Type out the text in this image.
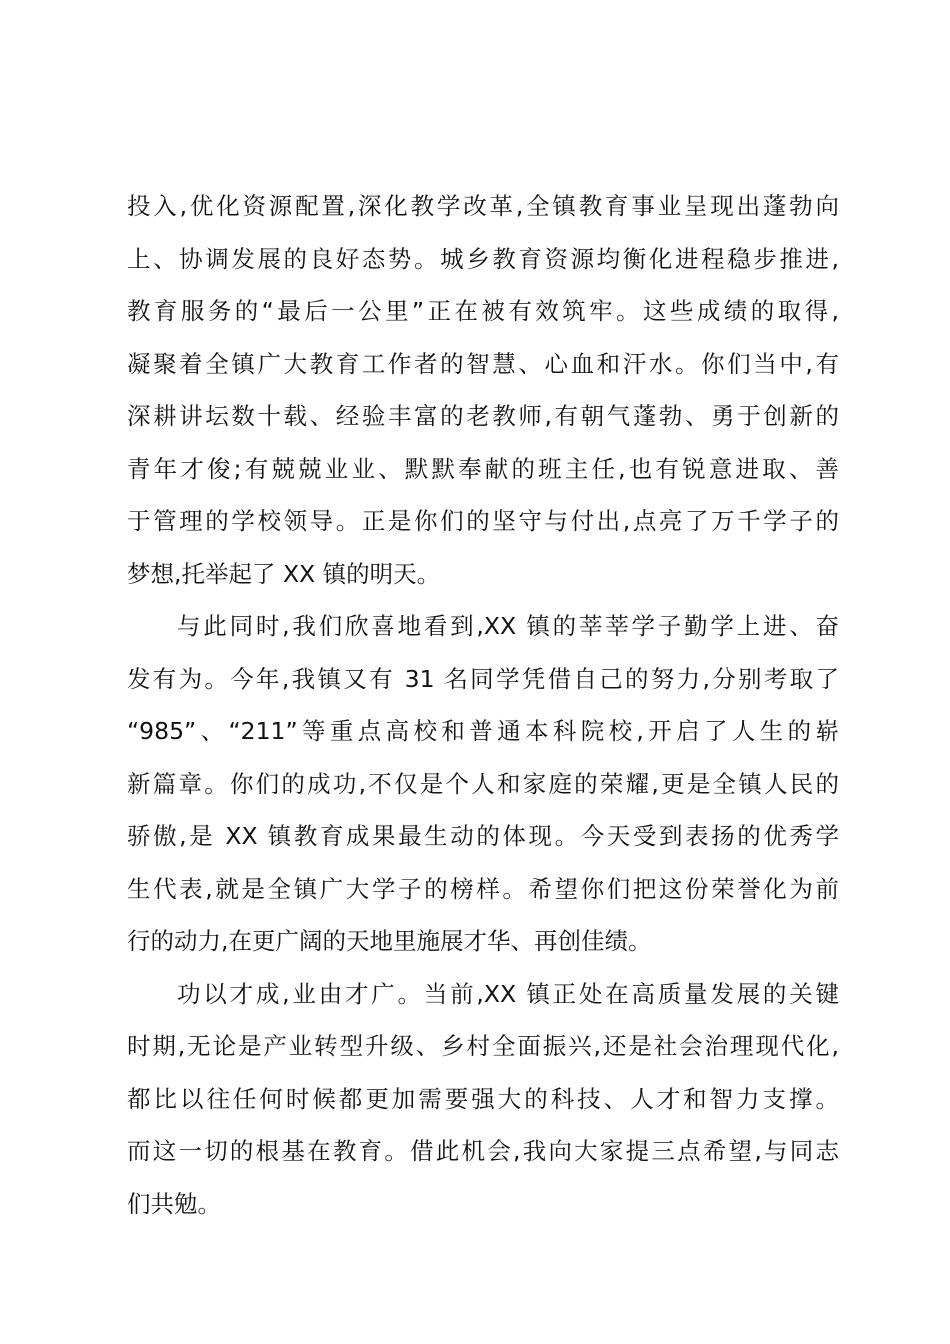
投入,优化资源配置,深化教学改革,全镇教育事业呈现出蓬勃向
上、协调发展的良好态势。城乡教育资源均衡化进程稳步推进,
教育服务的“最后一公里”正在被有效筑牢。这些成绩的取得,
凝聚着全镇广大教育工作者的智慧、心血和汗水。你们当中,有
深耕讲坛数十载、经验丰富的老教师,有朝气蓬勃、勇于创新的
青年才俊;有兢兢业业、默默奉献的班主任,也有锐意进取、善
于管理的学校领导。正是你们的坚守与付出,点亮了万千学子的
梦想,托举起了 XX 镇的明天。
与此同时,我们欣喜地看到,XX 镇的莘莘学子勤学上进、奋
发有为。今年,我镇又有 31 名同学凭借自己的努力,分别考取了
“985”、“211”等重点高校和普通本科院校,开启了人生的崭
新篇章。你们的成功,不仅是个人和家庭的荣耀,更是全镇人民的
骄傲,是 XX 镇教育成果最生动的体现。今天受到表扬的优秀学
生代表,就是全镇广大学子的榜样。希望你们把这份荣誉化为前
行的动力,在更广阔的天地里施展才华、再创佳绩。
功以才成,业由才广。当前,XX 镇正处在高质量发展的关键
时期,无论是产业转型升级、乡村全面振兴,还是社会治理现代化,
都比以往任何时候都更加需要强大的科技、人才和智力支撑。
而这一切的根基在教育。借此机会,我向大家提三点希望,与同志
们共勉。
